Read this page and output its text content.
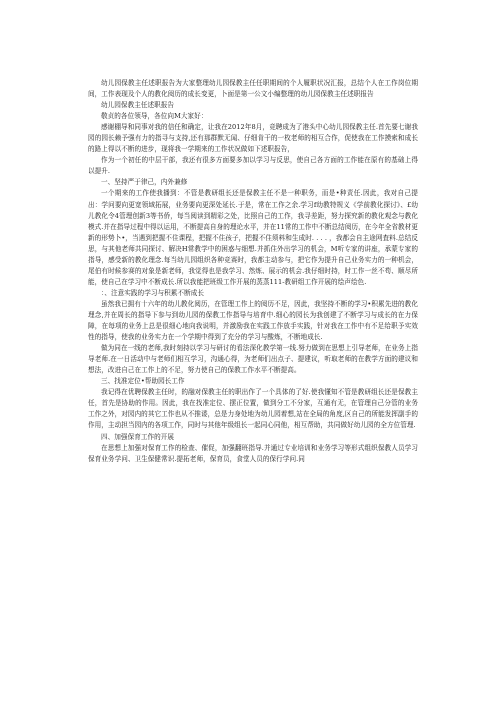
幼儿园保教主任述职报告为大家整理幼儿园保教主任任职期间的个人履职状况汇报，总结个人在工作岗位期间，工作表现及个人的教化阅历的成长变更，卜面是第一公文小编整理的幼儿园保教主任述职报告

幼儿园保教主任述职报告

敬贞的各位领导，各位向M大家好：

感谢棚导和同事对我的信任和确定，让我在2012年8月，竞聘成为了港头中心幼儿园保教主任.首先要七谢我园的园长赖予强有力的指寻与支持,还有那群默无闻、仔细肯干的一枚老师的相互合作，促使我在工作摸索和成长的路上得以不断的进步，现将我一学期来的工作状况做如下述职报告，

作为一个初任的中层干部，我还有很多方面要多加以学习与反思，使自己各方面的工作能在原有的基础上得以提升.

一、坚持严于律己，内外兼修

一个期来的工作使我播到：不管是教研组长还是保教主任不是一种职务，而是•种责任.因此，我对自己提出：学问要向更宽领域拓展，业务要向更深处延长.于是，常在工作之余.学习f幼教特规义《学前教化探讨》、£幼儿教化令4管理创新3等书侨，每当阅读到精彩之处，比照自己的工作，我寻差距，努力探究新的教化观念与教化模式.并在指导过程中得以运用，不断提高自身的理论水平，并在11常的工作中不断总结阅历，在今年全省教材更新的形势卜•，当遇到把握不住课程，把握不住孩子，把握不住须料和生成时. . . . ，我都会自主途网査料.总结反思，与其他老师共同探讨、解决H常教学中的困惑与细想.并抓住外出学习的机会，M听专家的讲座，承蒙专家的指导，感受新的教化理念.每当幼儿园组织各种竞赛时，我都主动参与，把它作为提升自己业务实力的一种机会，尾伯有时候参赛的对象是新老师，我觉得也是我学习、然炼、展示的机会.我仔细时持，时工作一丝不苟、顺尽所能，使自己在学习中不断成长.所以我能把班级工作开展的蒸蒸111-教研组工作开展的绘声绘色.

：、注意实践的学习与积累不断成长

虽然我已拥有十六年的幼儿教化阅历，在管理工作上的阅历不足，因此，我坚持不断的学习•积累先进的教化理念,并在周长的指导下参与到幼儿园的保教工作指导与培育中.细心的园长为我创建了不断学习与成长的在力保障，在每项的业务上总是很细心地向我说明，并激励我在实践工作放手实践，针对我在工作中有不足给职予实效性的指导，使我的业务实力在一个学期中得到了充分的学习与酸炼，不断地成长.

做为同在一线的老师,我时刻持以学习与研讨的看法深化教学第一线.努力做到在思想上引导老师，在业务上指导老师.在一日活动中与老师们相互学习，沟通心得，为老师们出点子、提建议，听取老师的在教学方面的建议和想法，改进自己在工作上的不足，努力使自己的保教工作水平不断提高。

三、找准定位•帮助园长工作

我记得在优聘保教主任时，的融对保教主任的职出作了一个具体的了好.使我懂知不管是教研组长还是保教主任，首先是协助的作用。因此，我在找准定位、摆正位置，做到分工不分家，互通有无，在管理自己分管的业务工作之外，对园内的其它工作也从不推诿，总是力身处地为幼儿园着想,站在全局的角度,区自己的所能发挥副手的作用，主动担当园内的各项工作，同时与其他年级组长一起同心同他，相互帮助，共同做好幼儿园的全方位管理.

四、加强保育工作的开展

在思想上加强对保育工作的检查、催促，加强翻班指导.并通过专业培训和业务学习等形式组织保教人员学习保育业务学问、卫生保健常识.提拓老师，保育员，食堂人员的保行学问.同
